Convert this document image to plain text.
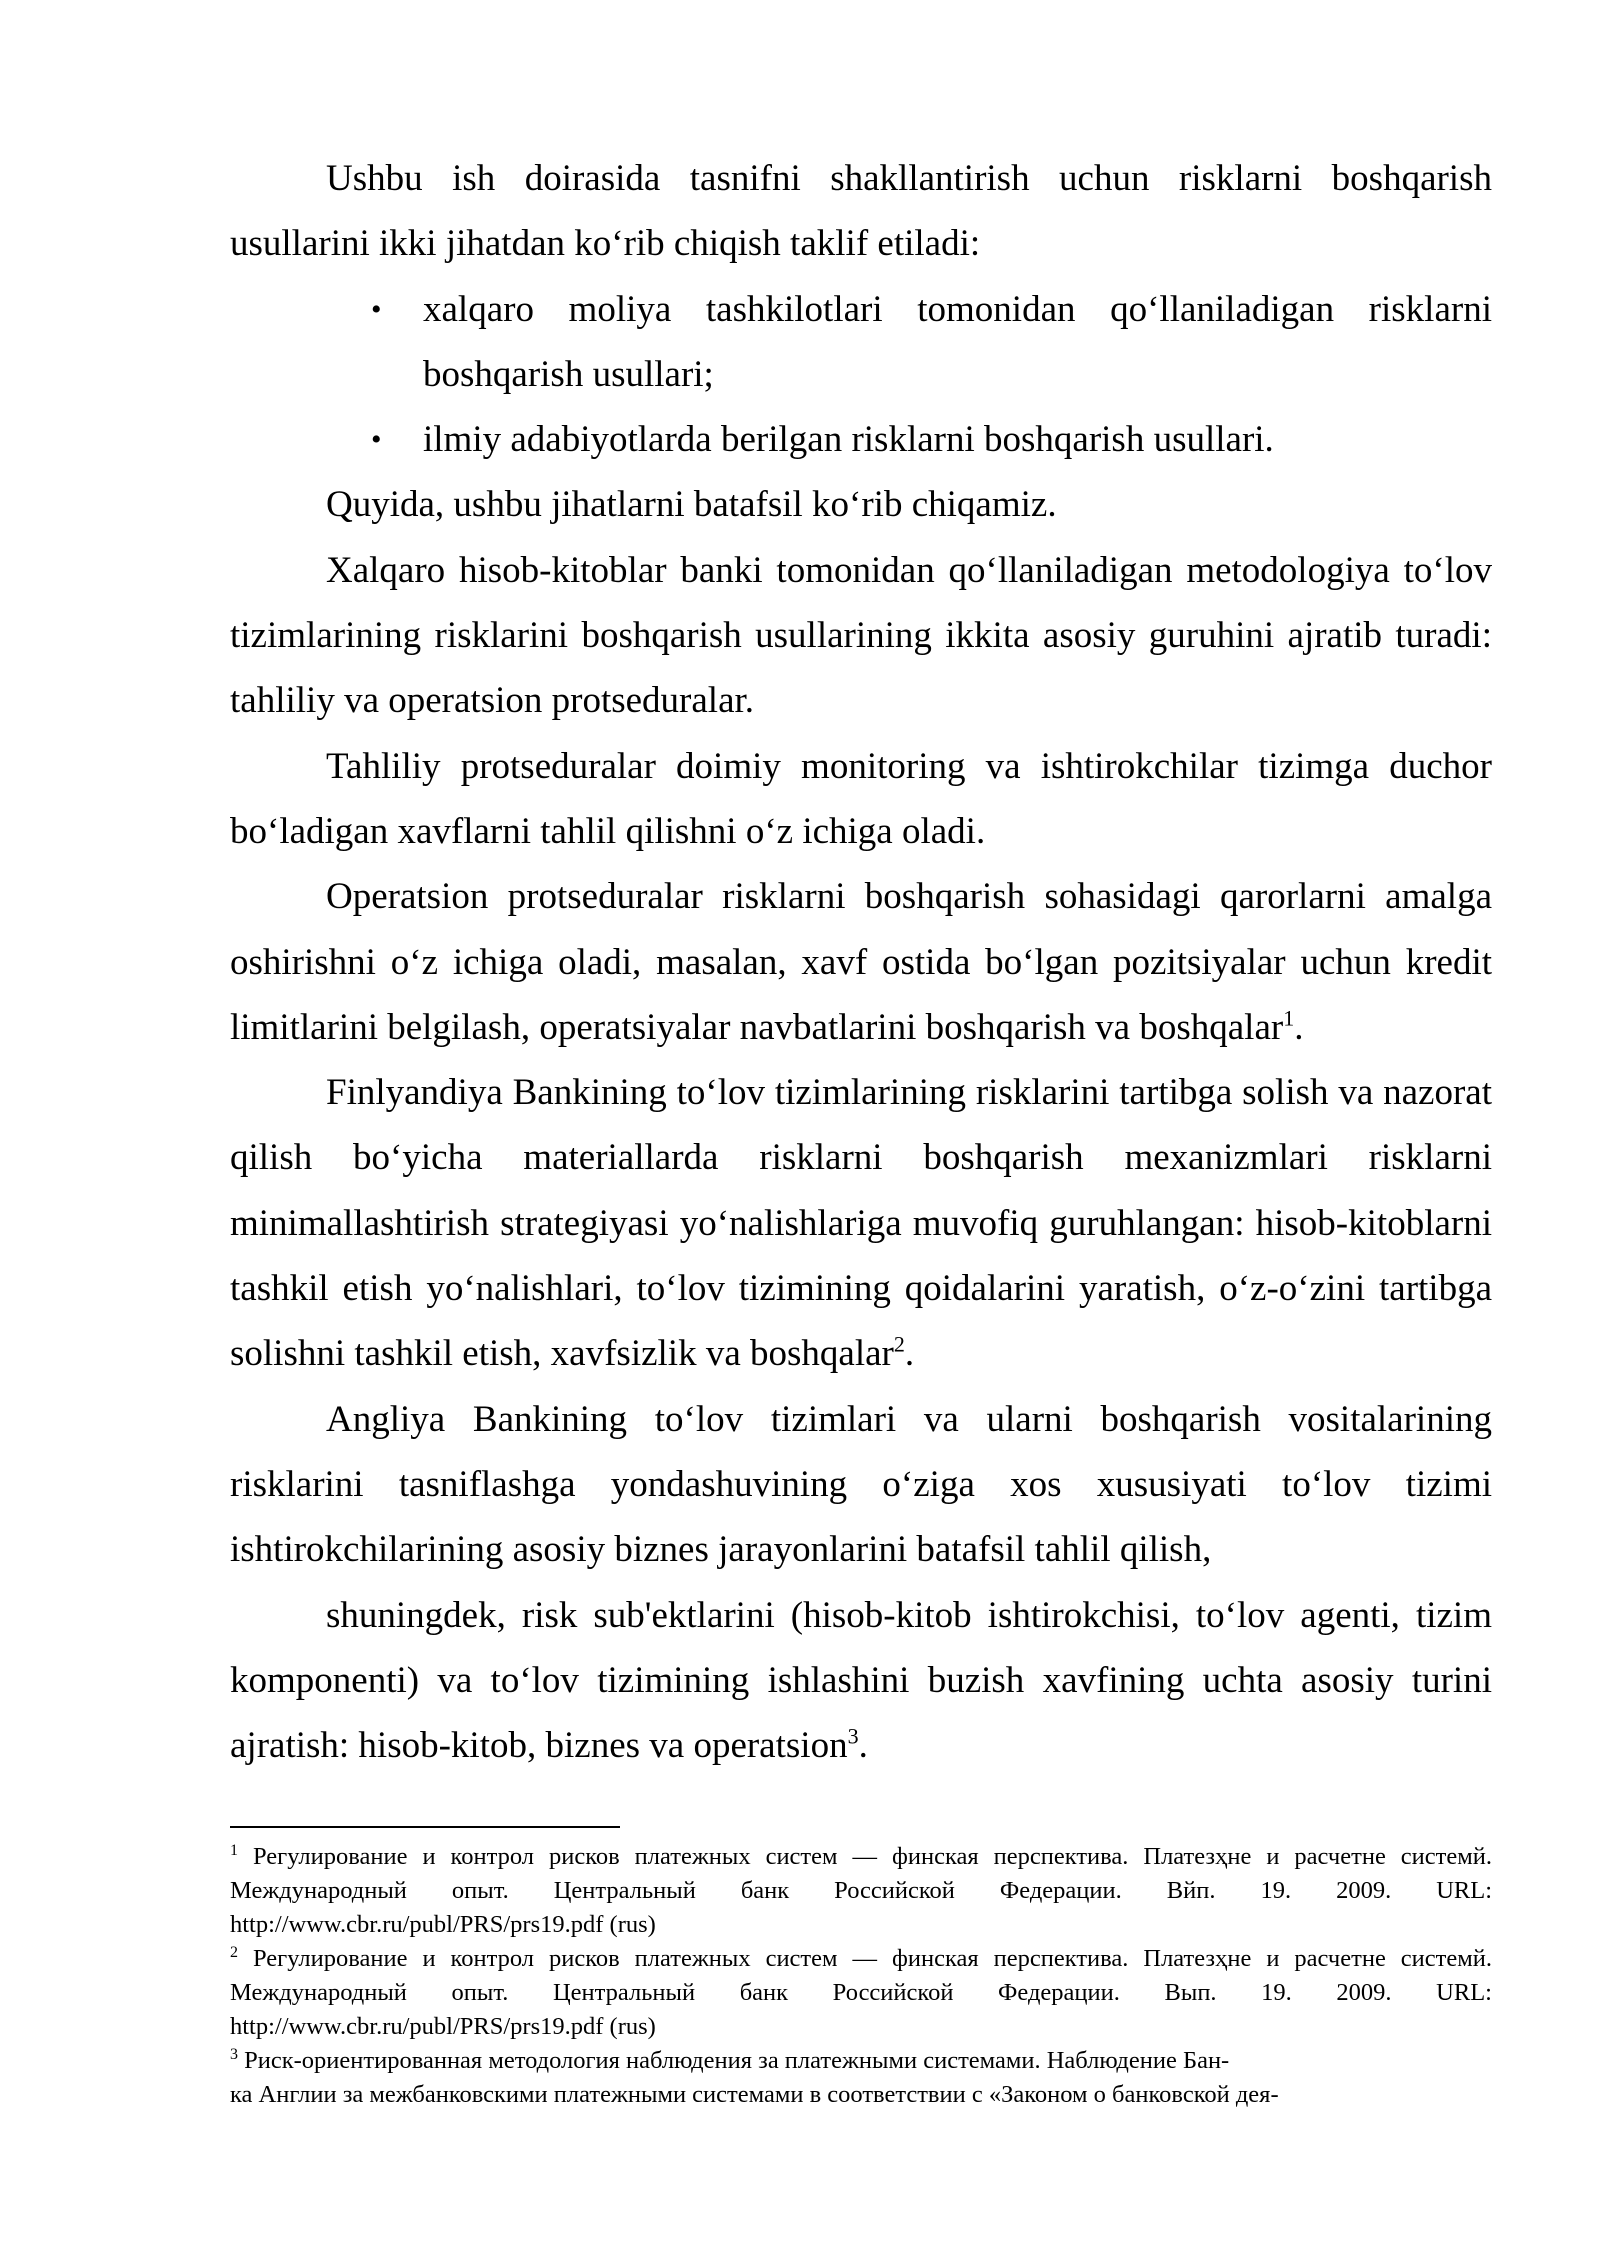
Ushbu ish doirasida tasnifni shakllantirish uchun risklarni boshqarish usullarini ikki jihatdan koʻrib chiqish taklif etiladi:

• xalqaro moliya tashkilotlari tomonidan qoʻllaniladigan risklarni boshqarish usullari;
• ilmiy adabiyotlarda berilgan risklarni boshqarish usullari.

Quyida, ushbu jihatlarni batafsil koʻrib chiqamiz.

Xalqaro hisob-kitoblar banki tomonidan qoʻllaniladigan metodologiya toʻlov tizimlarining risklarini boshqarish usullarining ikkita asosiy guruhini ajratib turadi: tahliliy va operatsion protseduralar.

Tahliliy protseduralar doimiy monitoring va ishtirokchilar tizimga duchor boʻladigan xavflarni tahlil qilishni oʻz ichiga oladi.

Operatsion protseduralar risklarni boshqarish sohasidagi qarorlarni amalga oshirishni oʻz ichiga oladi, masalan, xavf ostida boʻlgan pozitsiyalar uchun kredit limitlarini belgilash, operatsiyalar navbatlarini boshqarish va boshqalar$^1$.

Finlyandiya Bankining toʻlov tizimlarining risklarini tartibga solish va nazorat qilish boʻyicha materiallarda risklarni boshqarish mexanizmlari risklarni minimallashtirish strategiyasi yoʻnalishlariga muvofiq guruhlangan: hisob-kitoblarni tashkil etish yoʻnalishlari, toʻlov tizimining qoidalarini yaratish, oʻz-oʻzini tartibga solishni tashkil etish, xavfsizlik va boshqalar$^2$.

Angliya Bankining toʻlov tizimlari va ularni boshqarish vositalarining risklarini tasniflashga yondashuvining oʻziga xos xususiyati toʻlov tizimi ishtirokchilarining asosiy biznes jarayonlarini batafsil tahlil qilish,

shuningdek, risk sub'ektlarini (hisob-kitob ishtirokchisi, toʻlov agenti, tizim komponenti) va toʻlov tizimining ishlashini buzish xavfining uchta asosiy turini ajratish: hisob-kitob, biznes va operatsion$^3$.

$^1$ Регулирование и контрол рисков платежных систем — финская перспектива. Платезҳне и расчетне системй. Международный опыт. Центральный банк Российской Федерации. Вйп. 19. 2009. URL: http://www.cbr.ru/publ/PRS/prs19.pdf (rus)

$^2$ Регулирование и контрол рисков платежных систем — финская перспектива. Платезҳне и расчетне системй. Международный опыт. Центральный банк Российской Федерации. Вып. 19. 2009. URL: http://www.cbr.ru/publ/PRS/prs19.pdf (rus)

$^3$ Риск-ориентированная методология наблюдения за платежными системами. Наблюдение Бан-
ка Англии за межбанковскими платежными системами в соответствии с «Законом о банковской дея-
